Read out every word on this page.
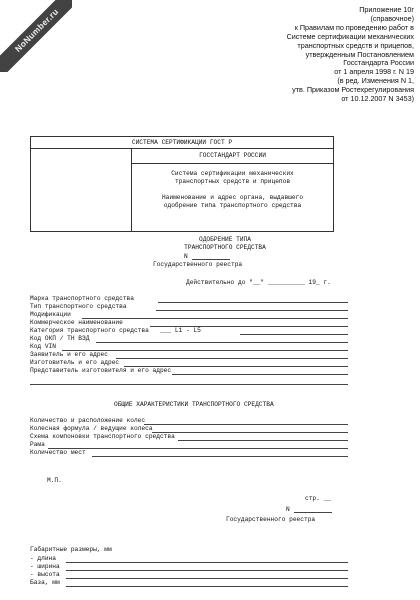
NoNumber.ru	Приложение 10г
(справочное)
к Правилам по проведению работ в
Системе сертификации механических
транспортных средств и прицепов,
утвержденным Постановлением
Госстандарта России
от 1 апреля 1998 г. N 19
(в ред. Изменения N 1,
утв. Приказом Ростехрегулирования
от 10.12.2007 N 3453)
СИСТЕМА СЕРТИФИКАЦИИ ГОСТ Р
ГОССТАНДАРТ РОССИИ
Система сертификации механических
транспортных средств и прицепов
Наименование и адрес органа, выдавшего
одобрение типа транспортного средства
ОДОБРЕНИЕ ТИПА
ТРАНСПОРТНОГО СРЕДСТВА
N
Государственного реестра
Действительно до "__" __________ 19_ г.
Марка транспортного средства
Тип транспортного средства
Модификации
Коммерческое наименование
Категория транспортного средства ___ L1 - L5
Код ОКП / ТН ВЭД
Код VIN
Заявитель и его адрес
Изготовитель и его адрес
Представитель изготовителя и его адрес
ОБЩИЕ ХАРАКТЕРИСТИКИ ТРАНСПОРТНОГО СРЕДСТВА
Количество и расположение колес
Колесная формула / ведущие колеса
Схема компоновки транспортного средства
Рама
Количество мест
М.П.
стр. __
N
Государственного реестра
Габаритные размеры, мм
- длина
- ширина
- высота
База, мм
